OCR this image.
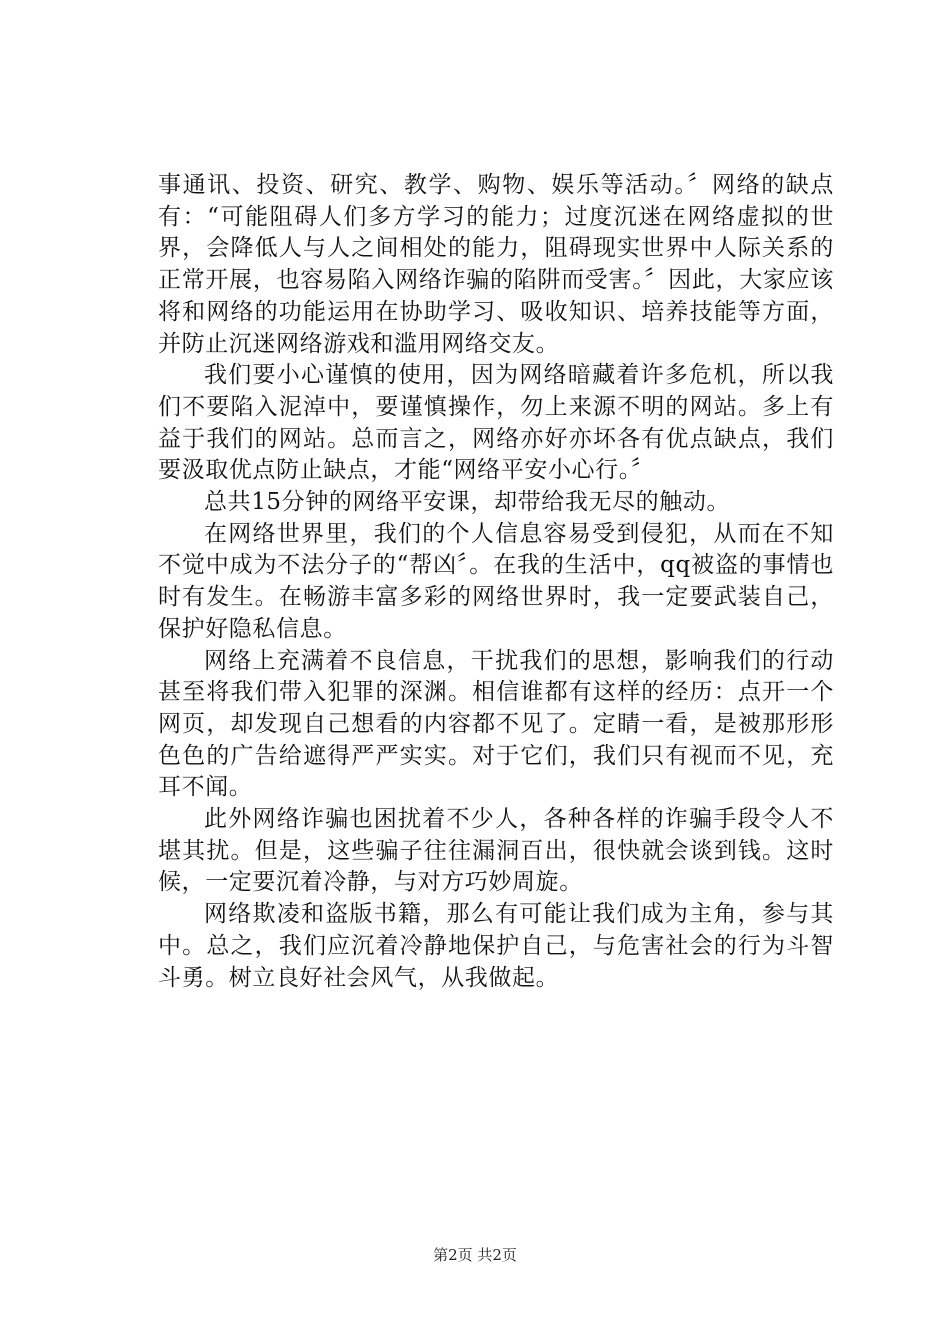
事通讯、投资、研究、教学、购物、娱乐等活动。〞网络的缺点有：“可能阻碍人们多方学习的能力；过度沉迷在网络虚拟的世界，会降低人与人之间相处的能力，阻碍现实世界中人际关系的正常开展，也容易陷入网络诈骗的陷阱而受害。〞因此，大家应该将和网络的功能运用在协助学习、吸收知识、培养技能等方面，并防止沉迷网络游戏和滥用网络交友。

我们要小心谨慎的使用，因为网络暗藏着许多危机，所以我们不要陷入泥淖中，要谨慎操作，勿上来源不明的网站。多上有益于我们的网站。总而言之，网络亦好亦坏各有优点缺点，我们要汲取优点防止缺点，才能“网络平安小心行。〞

总共15分钟的网络平安课，却带给我无尽的触动。

在网络世界里，我们的个人信息容易受到侵犯，从而在不知不觉中成为不法分子的“帮凶〞。在我的生活中，qq被盗的事情也时有发生。在畅游丰富多彩的网络世界时，我一定要武装自己，保护好隐私信息。

网络上充满着不良信息，干扰我们的思想，影响我们的行动甚至将我们带入犯罪的深渊。相信谁都有这样的经历：点开一个网页，却发现自己想看的内容都不见了。定睛一看，是被那形形色色的广告给遮得严严实实。对于它们，我们只有视而不见，充耳不闻。

此外网络诈骗也困扰着不少人，各种各样的诈骗手段令人不堪其扰。但是，这些骗子往往漏洞百出，很快就会谈到钱。这时候，一定要沉着冷静，与对方巧妙周旋。

网络欺凌和盗版书籍，那么有可能让我们成为主角，参与其中。总之，我们应沉着冷静地保护自己，与危害社会的行为斗智斗勇。树立良好社会风气，从我做起。

第2页 共2页
